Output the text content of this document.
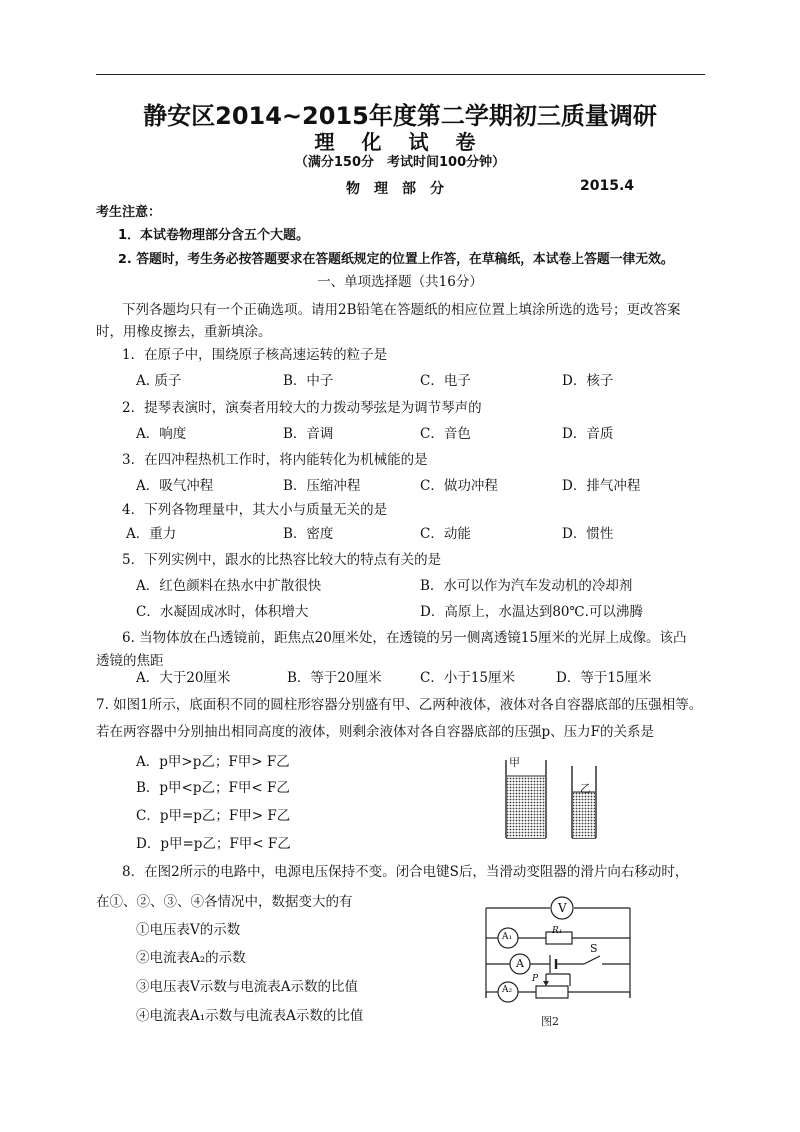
静安区2014~2015年度第二学期初三质量调研
理 化 试 卷
（满分150分　考试时间100分钟）
物　理　部　分	2015.4
考生注意：
1．本试卷物理部分含五个大题。
2. 答题时，考生务必按答题要求在答题纸规定的位置上作答，在草稿纸，本试卷上答题一律无效。
一、单项选择题（共16分）
下列各题均只有一个正确选项。请用2B铅笔在答题纸的相应位置上填涂所选的选号；更改答案
时，用橡皮擦去，重新填涂。
1．在原子中，围绕原子核高速运转的粒子是
A. 质子	B．中子	C．电子	D．核子
2．提琴表演时，演奏者用较大的力拨动琴弦是为调节琴声的
A．响度	B．音调	C．音色	D．音质
3．在四冲程热机工作时，将内能转化为机械能的是
A．吸气冲程	B．压缩冲程	C．做功冲程	D．排气冲程
4．下列各物理量中，其大小与质量无关的是
A．重力	B．密度	C．动能	D．惯性
5．下列实例中，跟水的比热容比较大的特点有关的是
A．红色颜料在热水中扩散很快	B．水可以作为汽车发动机的冷却剂
C．水凝固成冰时，体积增大	D．高原上，水温达到80℃.可以沸腾
6. 当物体放在凸透镜前，距焦点20厘米处，在透镜的另一侧离透镜15厘米的光屏上成像。该凸
透镜的焦距
A．大于20厘米	B．等于20厘米	C．小于15厘米	D．等于15厘米
7. 如图1所示，底面积不同的圆柱形容器分别盛有甲、乙两种液体，液体对各自容器底部的压强相等。
若在两容器中分别抽出相同高度的液体，则剩余液体对各自容器底部的压强p、压力F的关系是
A．p甲>p乙；F甲> F乙
B．p甲<p乙；F甲< F乙
C．p甲=p乙；F甲> F乙
D．p甲=p乙；F甲< F乙
甲
乙
8．在图2所示的电路中，电源电压保持不变。闭合电键S后，当滑动变阻器的滑片向右移动时，
在①、②、③、④各情况中，数据变大的有
①电压表V的示数
②电流表A₂的示数
③电压表V示数与电流表A示数的比值
④电流表A₁示数与电流表A示数的比值
V
A₁
R₁
S
A
A₂
P
图2
